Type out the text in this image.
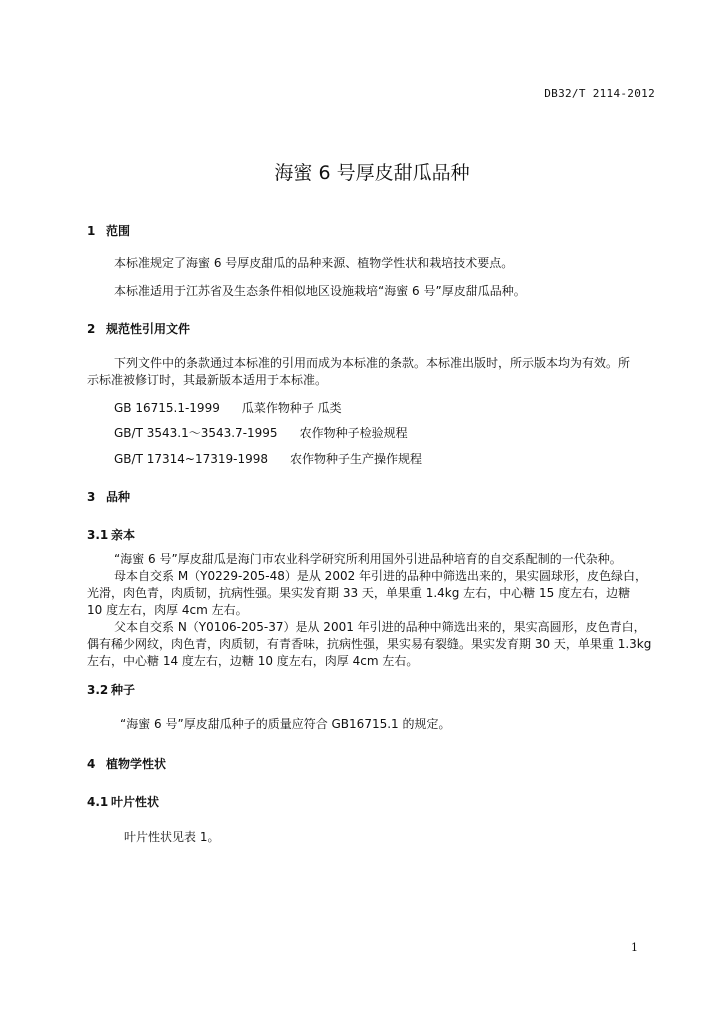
DB32/T 2114-2012
海蜜 6 号厚皮甜瓜品种
1 范围
本标准规定了海蜜 6 号厚皮甜瓜的品种来源、植物学性状和栽培技术要点。
本标准适用于江苏省及生态条件相似地区设施栽培“海蜜 6 号”厚皮甜瓜品种。
2 规范性引用文件
下列文件中的条款通过本标准的引用而成为本标准的条款。本标准出版时，所示版本均为有效。所
示标准被修订时，其最新版本适用于本标准。
GB 16715.1-1999 瓜菜作物种子 瓜类
GB/T 3543.1～3543.7-1995 农作物种子检验规程
GB/T 17314~17319-1998 农作物种子生产操作规程
3 品种
3.1 亲本
“海蜜 6 号”厚皮甜瓜是海门市农业科学研究所利用国外引进品种培育的自交系配制的一代杂种。
母本自交系 M（Y0229-205-48）是从 2002 年引进的品种中筛选出来的，果实圆球形，皮色绿白，
光滑，肉色青，肉质韧，抗病性强。果实发育期 33 天，单果重 1.4kg 左右，中心糖 15 度左右，边糖
10 度左右，肉厚 4cm 左右。
父本自交系 N（Y0106-205-37）是从 2001 年引进的品种中筛选出来的，果实高圆形，皮色青白，
偶有稀少网纹，肉色青，肉质韧，有青香味，抗病性强，果实易有裂缝。果实发育期 30 天，单果重 1.3kg
左右，中心糖 14 度左右，边糖 10 度左右，肉厚 4cm 左右。
3.2 种子
“海蜜 6 号”厚皮甜瓜种子的质量应符合 GB16715.1 的规定。
4 植物学性状
4.1 叶片性状
叶片性状见表 1。
1
